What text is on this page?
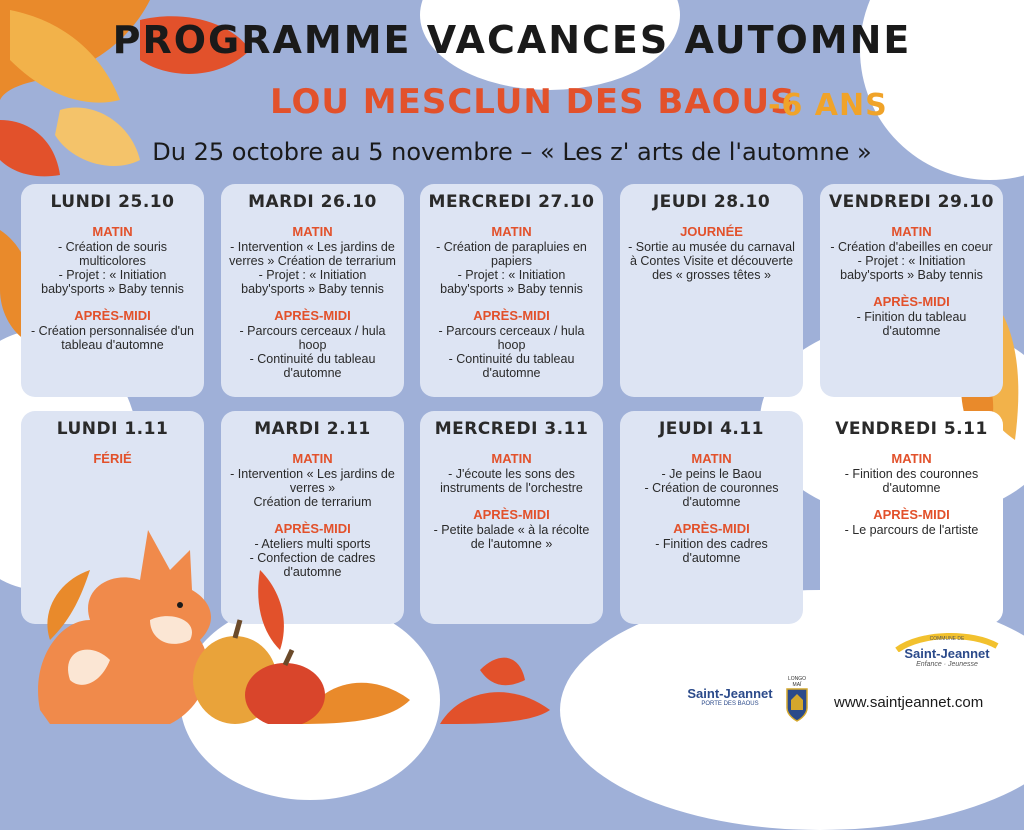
PROGRAMME VACANCES AUTOMNE
LOU MESCLUN DES BAOUS
-6 ANS
Du 25 octobre au 5 novembre – « Les z' arts de l'automne »
LUNDI 25.10
MATIN
- Création de souris multicolores
- Projet : « Initiation baby'sports » Baby tennis
APRÈS-MIDI
- Création personnalisée d'un tableau d'automne
MARDI 26.10
MATIN
- Intervention « Les jardins de verres » Création de terrarium
- Projet : « Initiation baby'sports » Baby tennis
APRÈS-MIDI
- Parcours cerceaux / hula hoop
- Continuité du tableau d'automne
MERCREDI 27.10
MATIN
- Création de parapluies en papiers
- Projet : « Initiation baby'sports » Baby tennis
APRÈS-MIDI
- Parcours cerceaux / hula hoop
- Continuité du tableau d'automne
JEUDI 28.10
JOURNÉE
- Sortie au musée du carnaval à Contes Visite et découverte des « grosses têtes »
VENDREDI 29.10
MATIN
- Création d'abeilles en coeur
- Projet : « Initiation baby'sports » Baby tennis
APRÈS-MIDI
- Finition du tableau d'automne
LUNDI 1.11
FÉRIÉ
MARDI 2.11
MATIN
- Intervention « Les jardins de verres »
Création de terrarium
APRÈS-MIDI
- Ateliers multi sports
- Confection de cadres d'automne
MERCREDI 3.11
MATIN
- J'écoute les sons des instruments de l'orchestre
APRÈS-MIDI
- Petite balade « à la récolte de l'automne »
JEUDI 4.11
MATIN
- Je peins le Baou
- Création de couronnes d'automne
APRÈS-MIDI
- Finition des cadres d'automne
VENDREDI 5.11
MATIN
- Finition des couronnes d'automne
APRÈS-MIDI
- Le parcours de l'artiste
Saint-Jeannet
PORTE DES BAOUS
LONGO MAÏ
www.saintjeannet.com
COMMUNE DE
Saint-Jeannet
Enfance · Jeunesse
